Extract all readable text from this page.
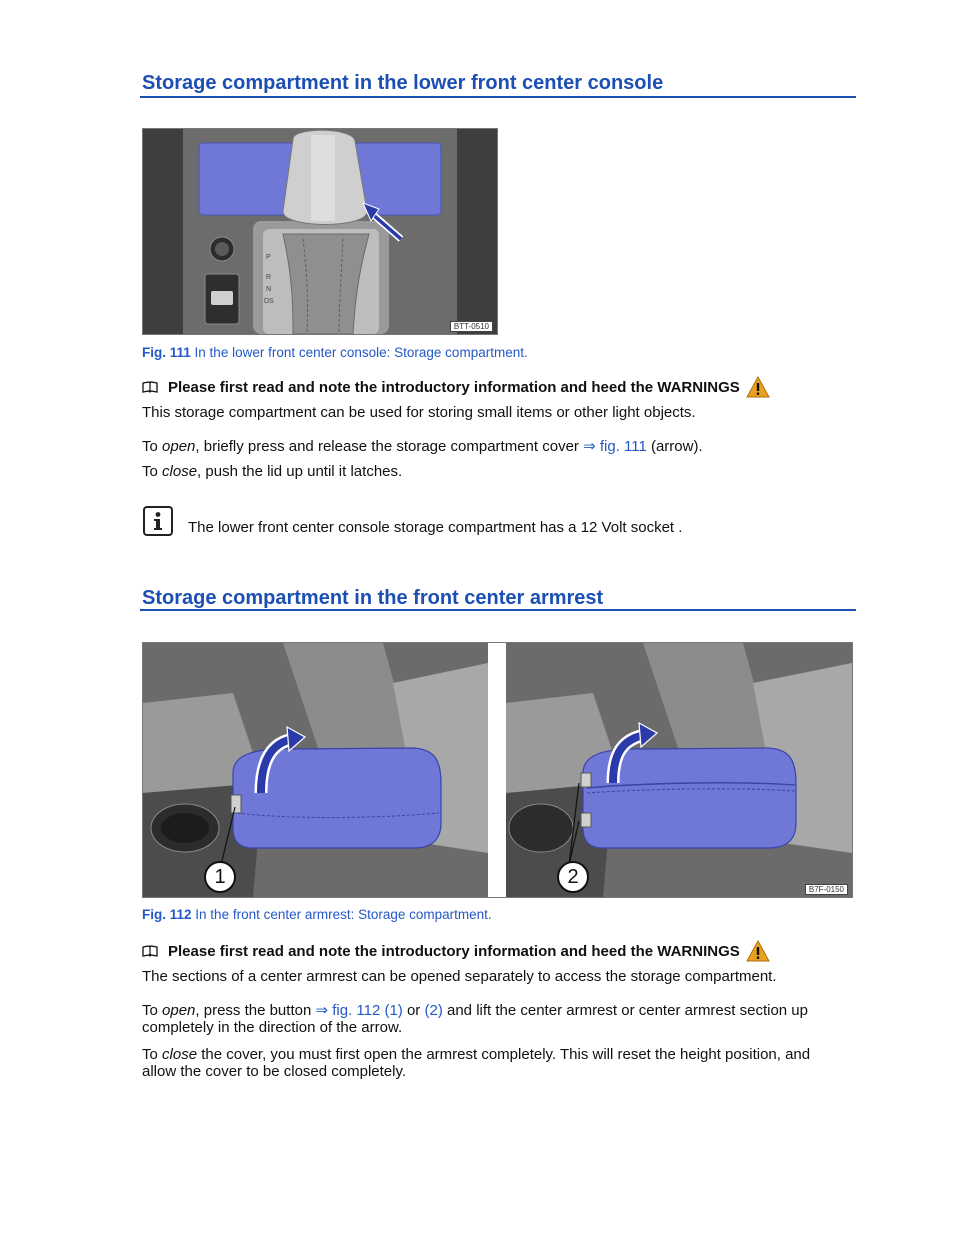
Storage compartment in the lower front center console
P
R
N
DS
BTT-0510
Fig. 111 In the lower front center console: Storage compartment.
Please first read and note the introductory information and heed the WARNINGS
This storage compartment can be used for storing small items or other light objects.
To open, briefly press and release the storage compartment cover ⇒ fig. 111 (arrow).
To close, push the lid up until it latches.
The lower front center console storage compartment has a 12 Volt socket .
Storage compartment in the front center armrest
1	2
B7F-0150
Fig. 112 In the front center armrest: Storage compartment.
Please first read and note the introductory information and heed the WARNINGS
The sections of a center armrest can be opened separately to access the storage compartment.
To open, press the button ⇒ fig. 112 (1) or (2) and lift the center armrest or center armrest section up
completely in the direction of the arrow.
To close the cover, you must first open the armrest completely. This will reset the height position, and
allow the cover to be closed completely.
